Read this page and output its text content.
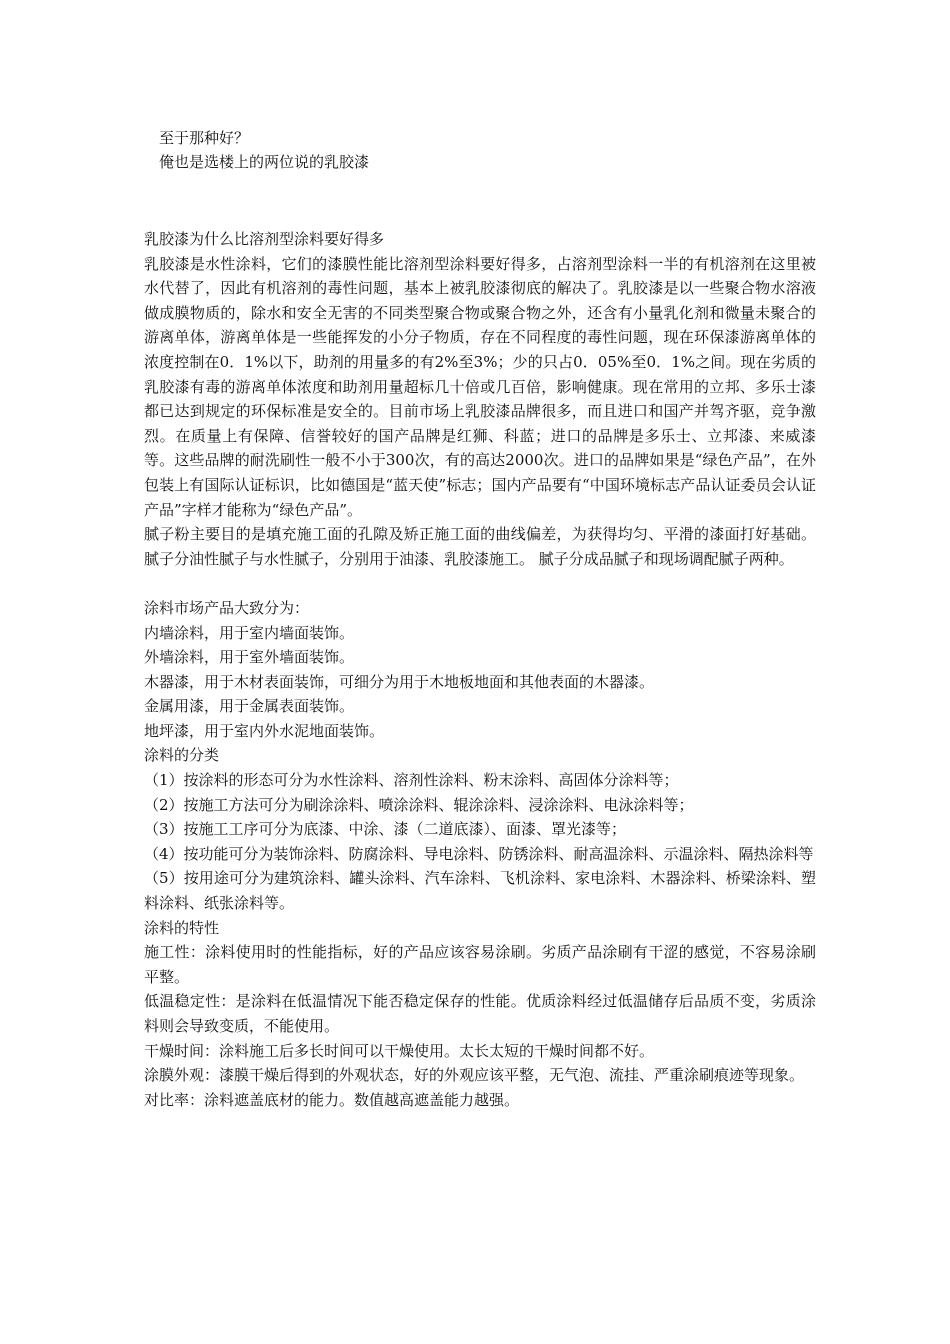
至于那种好？

俺也是选楼上的两位说的乳胶漆

乳胶漆为什么比溶剂型涂料要好得多

乳胶漆是水性涂料，它们的漆膜性能比溶剂型涂料要好得多，占溶剂型涂料一半的有机溶剂在这里被水代替了，因此有机溶剂的毒性问题，基本上被乳胶漆彻底的解决了。乳胶漆是以一些聚合物水溶液做成膜物质的，除水和安全无害的不同类型聚合物或聚合物之外，还含有小量乳化剂和微量未聚合的游离单体，游离单体是一些能挥发的小分子物质，存在不同程度的毒性问题，现在环保漆游离单体的浓度控制在0．1%以下，助剂的用量多的有2%至3%；少的只占0．05%至0．1%之间。现在劣质的乳胶漆有毒的游离单体浓度和助剂用量超标几十倍或几百倍，影响健康。现在常用的立邦、多乐士漆都已达到规定的环保标准是安全的。目前市场上乳胶漆品牌很多，而且进口和国产并驾齐驱，竞争激烈。在质量上有保障、信誉较好的国产品牌是红狮、科蓝；进口的品牌是多乐士、立邦漆、来威漆等。这些品牌的耐洗刷性一般不小于300次，有的高达2000次。进口的品牌如果是“绿色产品”，在外包装上有国际认证标识，比如德国是“蓝天使”标志；国内产品要有“中国环境标志产品认证委员会认证产品”字样才能称为“绿色产品”。

腻子粉主要目的是填充施工面的孔隙及矫正施工面的曲线偏差，为获得均匀、平滑的漆面打好基础。腻子分油性腻子与水性腻子，分别用于油漆、乳胶漆施工。 腻子分成品腻子和现场调配腻子两种。

涂料市场产品大致分为：

内墙涂料，用于室内墙面装饰。

外墙涂料，用于室外墙面装饰。

木器漆，用于木材表面装饰，可细分为用于木地板地面和其他表面的木器漆。

金属用漆，用于金属表面装饰。

地坪漆，用于室内外水泥地面装饰。

涂料的分类

（1）按涂料的形态可分为水性涂料、溶剂性涂料、粉末涂料、高固体分涂料等；

（2）按施工方法可分为刷涂涂料、喷涂涂料、辊涂涂料、浸涂涂料、电泳涂料等；

（3）按施工工序可分为底漆、中涂、漆（二道底漆）、面漆、罩光漆等；

（4）按功能可分为装饰涂料、防腐涂料、导电涂料、防锈涂料、耐高温涂料、示温涂料、隔热涂料等

（5）按用途可分为建筑涂料、罐头涂料、汽车涂料、飞机涂料、家电涂料、木器涂料、桥梁涂料、塑料涂料、纸张涂料等。

涂料的特性

施工性：涂料使用时的性能指标，好的产品应该容易涂刷。劣质产品涂刷有干涩的感觉，不容易涂刷平整。

低温稳定性：是涂料在低温情况下能否稳定保存的性能。优质涂料经过低温储存后品质不变，劣质涂料则会导致变质，不能使用。

干燥时间：涂料施工后多长时间可以干燥使用。太长太短的干燥时间都不好。

涂膜外观：漆膜干燥后得到的外观状态，好的外观应该平整，无气泡、流挂、严重涂刷痕迹等现象。

对比率：涂料遮盖底材的能力。数值越高遮盖能力越强。
